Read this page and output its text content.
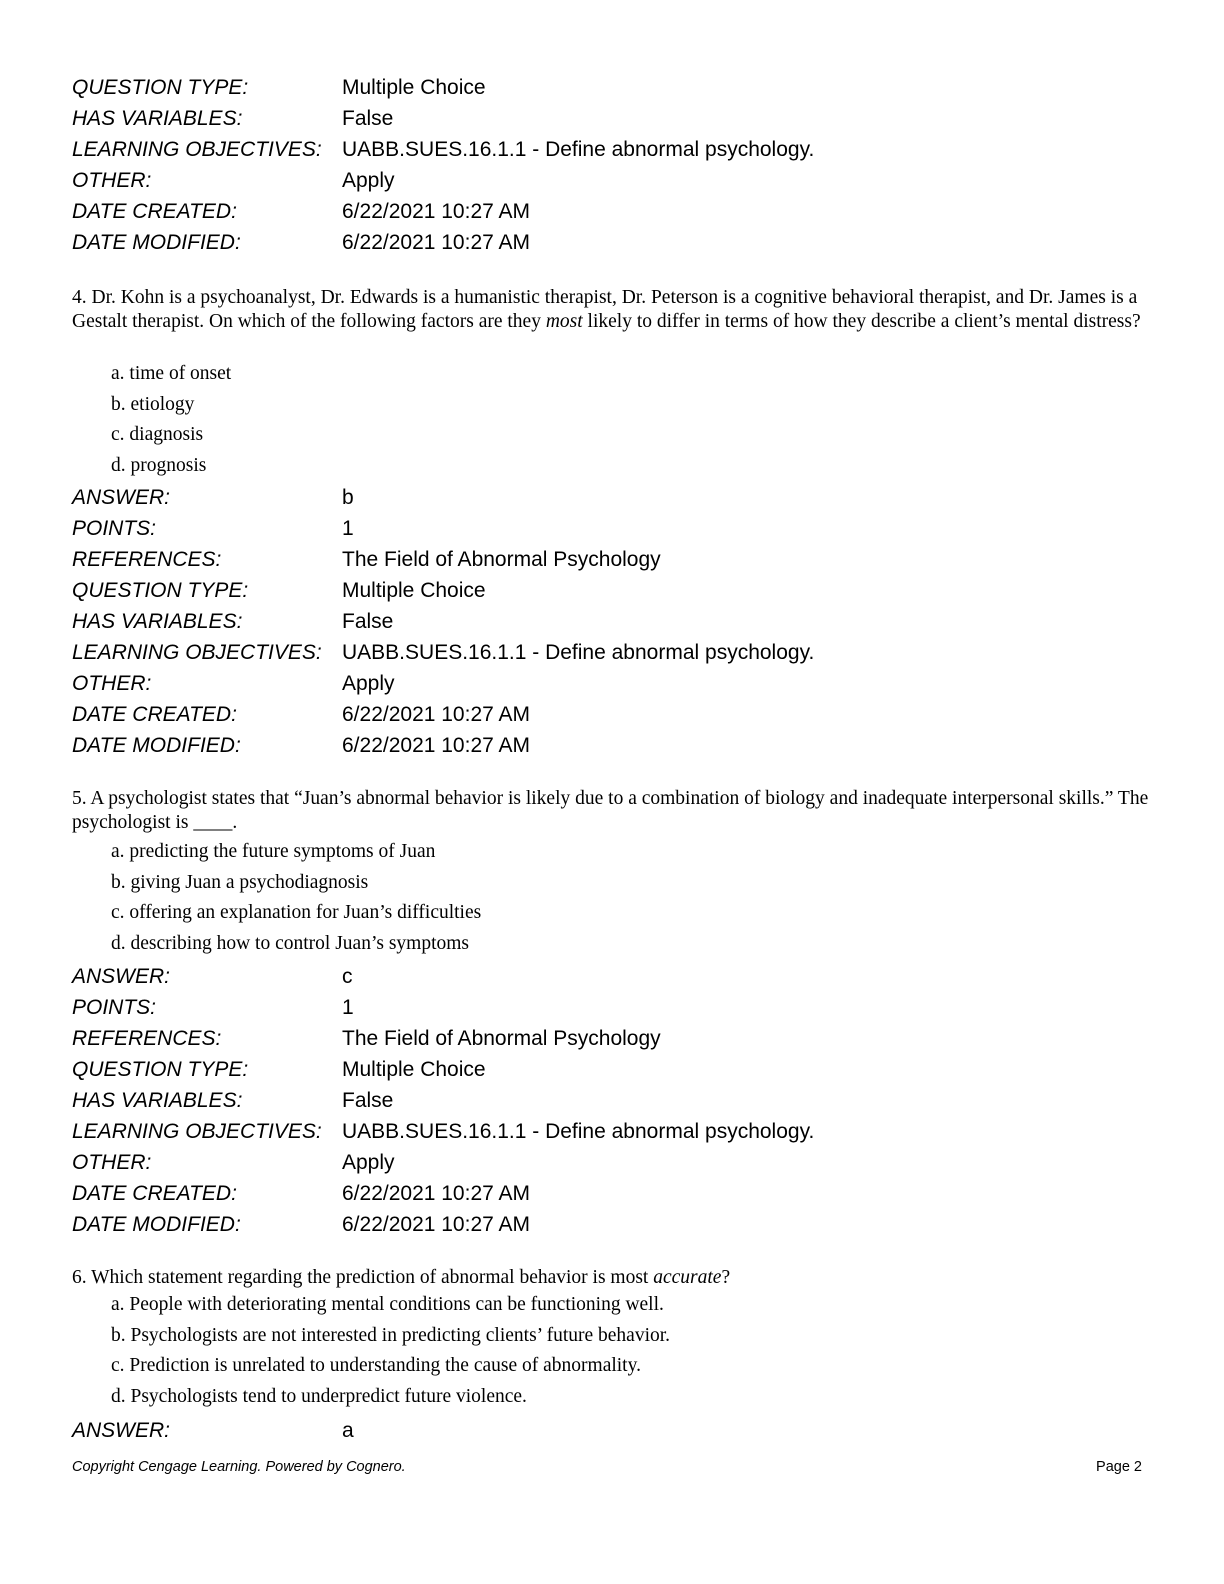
QUESTION TYPE:	Multiple Choice
HAS VARIABLES:	False
LEARNING OBJECTIVES: UABB.SUES.16.1.1 - Define abnormal psychology.
OTHER:	Apply
DATE CREATED:	6/22/2021 10:27 AM
DATE MODIFIED:	6/22/2021 10:27 AM

4. Dr. Kohn is a psychoanalyst, Dr. Edwards is a humanistic therapist, Dr. Peterson is a cognitive behavioral therapist, and Dr. James is a Gestalt therapist. On which of the following factors are they most likely to differ in terms of how they describe a client’s mental distress?

a. time of onset
b. etiology
c. diagnosis
d. prognosis
ANSWER:	b
POINTS:	1
REFERENCES:	The Field of Abnormal Psychology
QUESTION TYPE:	Multiple Choice
HAS VARIABLES:	False
LEARNING OBJECTIVES: UABB.SUES.16.1.1 - Define abnormal psychology.
OTHER:	Apply
DATE CREATED:	6/22/2021 10:27 AM
DATE MODIFIED:	6/22/2021 10:27 AM

5. A psychologist states that “Juan’s abnormal behavior is likely due to a combination of biology and inadequate interpersonal skills.” The psychologist is ____.

a. predicting the future symptoms of Juan
b. giving Juan a psychodiagnosis
c. offering an explanation for Juan’s difficulties
d. describing how to control Juan’s symptoms
ANSWER:	c
POINTS:	1
REFERENCES:	The Field of Abnormal Psychology
QUESTION TYPE:	Multiple Choice
HAS VARIABLES:	False
LEARNING OBJECTIVES: UABB.SUES.16.1.1 - Define abnormal psychology.
OTHER:	Apply
DATE CREATED:	6/22/2021 10:27 AM
DATE MODIFIED:	6/22/2021 10:27 AM

6. Which statement regarding the prediction of abnormal behavior is most accurate?

a. People with deteriorating mental conditions can be functioning well.
b. Psychologists are not interested in predicting clients’ future behavior.
c. Prediction is unrelated to understanding the cause of abnormality.
d. Psychologists tend to underpredict future violence.
ANSWER:	a
Copyright Cengage Learning. Powered by Cognero.	Page 2
